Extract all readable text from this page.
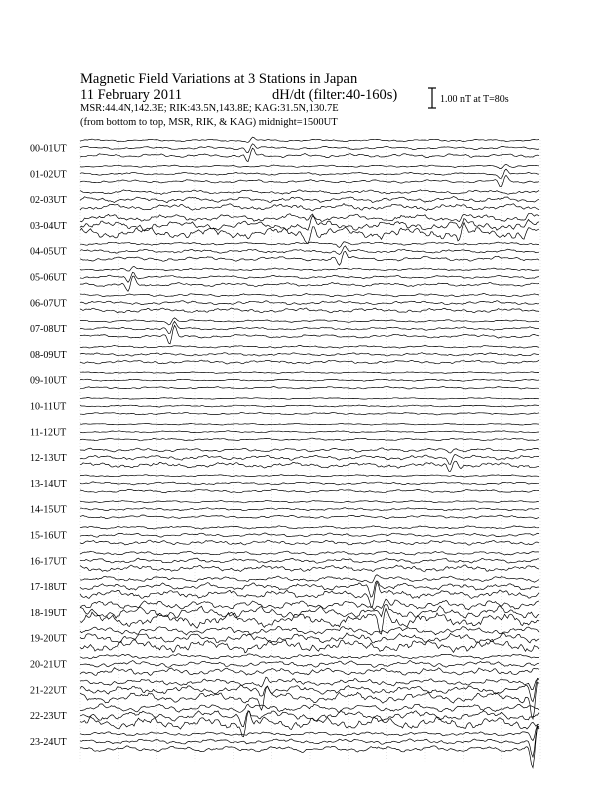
Magnetic Field Variations at 3 Stations in Japan
11 February 2011	dH/dt (filter:40-160s)
MSR:44.4N,142.3E; RIK:43.5N,143.8E; KAG:31.5N,130.7E
(from bottom to top, MSR, RIK, & KAG) midnight=1500UT
00-01UT
01-02UT
02-03UT
03-04UT
04-05UT
05-06UT
06-07UT
07-08UT
08-09UT
09-10UT
10-11UT
11-12UT
12-13UT
13-14UT
14-15UT
15-16UT
16-17UT
17-18UT
18-19UT
19-20UT
20-21UT
21-22UT
22-23UT
23-24UT
1.00 nT at T=80s
